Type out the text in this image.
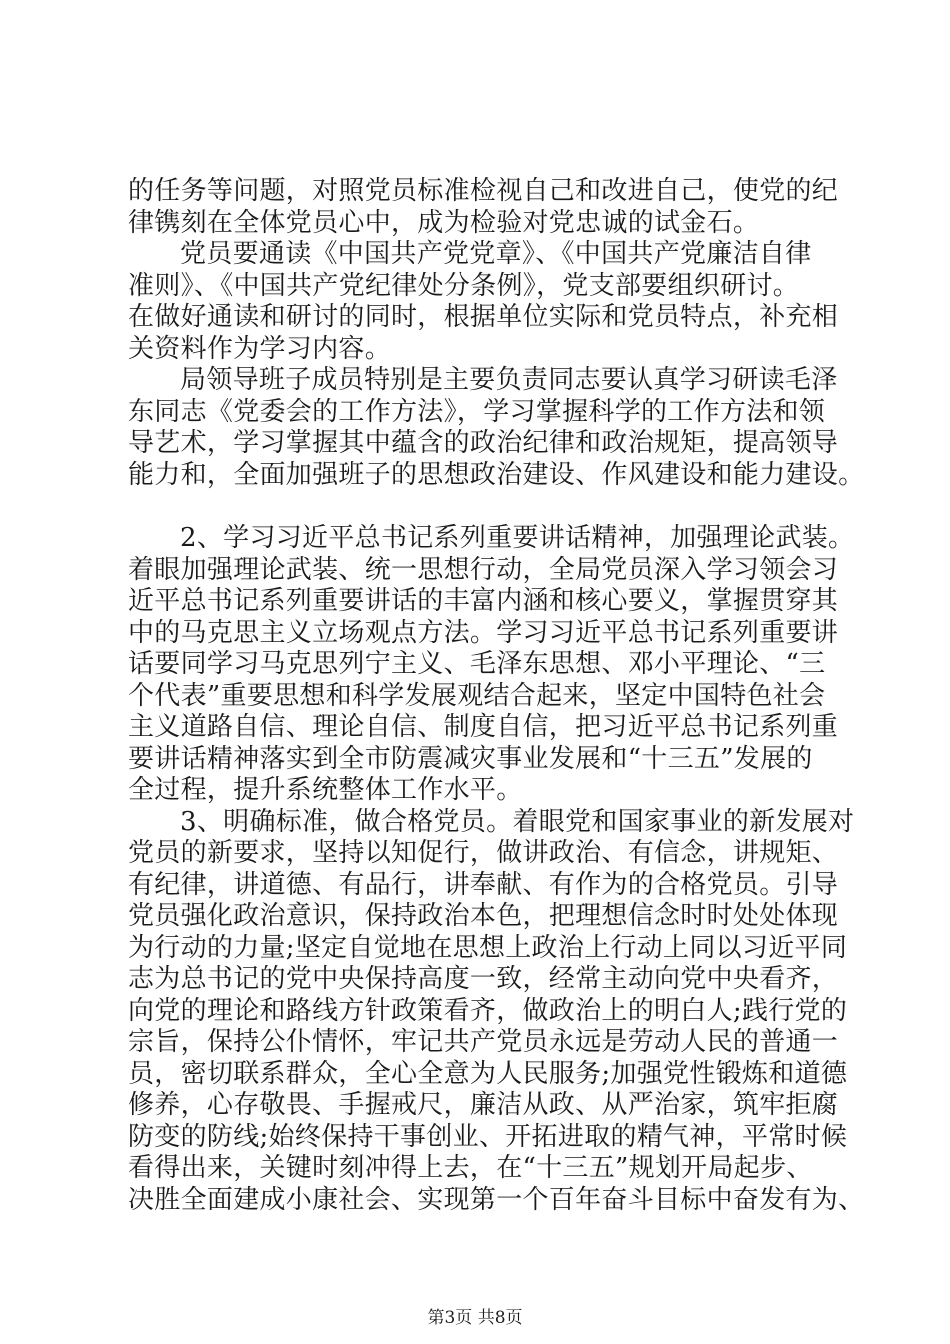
的任务等问题，对照党员标准检视自己和改进自己，使党的纪
律镌刻在全体党员心中，成为检验对党忠诚的试金石。
党员要通读《中国共产党党章》、《中国共产党廉洁自律
准则》、《中国共产党纪律处分条例》，党支部要组织研讨。
在做好通读和研讨的同时，根据单位实际和党员特点，补充相
关资料作为学习内容。
局领导班子成员特别是主要负责同志要认真学习研读毛泽
东同志《党委会的工作方法》，学习掌握科学的工作方法和领
导艺术，学习掌握其中蕴含的政治纪律和政治规矩，提高领导
能力和，全面加强班子的思想政治建设、作风建设和能力建设。
2、学习习近平总书记系列重要讲话精神，加强理论武装。
着眼加强理论武装、统一思想行动，全局党员深入学习领会习
近平总书记系列重要讲话的丰富内涵和核心要义，掌握贯穿其
中的马克思主义立场观点方法。学习习近平总书记系列重要讲
话要同学习马克思列宁主义、毛泽东思想、邓小平理论、“三
个代表”重要思想和科学发展观结合起来，坚定中国特色社会
主义道路自信、理论自信、制度自信，把习近平总书记系列重
要讲话精神落实到全市防震减灾事业发展和“十三五”发展的
全过程，提升系统整体工作水平。
3、明确标准，做合格党员。着眼党和国家事业的新发展对
党员的新要求，坚持以知促行，做讲政治、有信念，讲规矩、
有纪律，讲道德、有品行，讲奉献、有作为的合格党员。引导
党员强化政治意识，保持政治本色，把理想信念时时处处体现
为行动的力量;坚定自觉地在思想上政治上行动上同以习近平同
志为总书记的党中央保持高度一致，经常主动向党中央看齐，
向党的理论和路线方针政策看齐，做政治上的明白人;践行党的
宗旨，保持公仆情怀，牢记共产党员永远是劳动人民的普通一
员，密切联系群众，全心全意为人民服务;加强党性锻炼和道德
修养，心存敬畏、手握戒尺，廉洁从政、从严治家，筑牢拒腐
防变的防线;始终保持干事创业、开拓进取的精气神，平常时候
看得出来，关键时刻冲得上去，在“十三五”规划开局起步、
决胜全面建成小康社会、实现第一个百年奋斗目标中奋发有为、
第3页 共8页
